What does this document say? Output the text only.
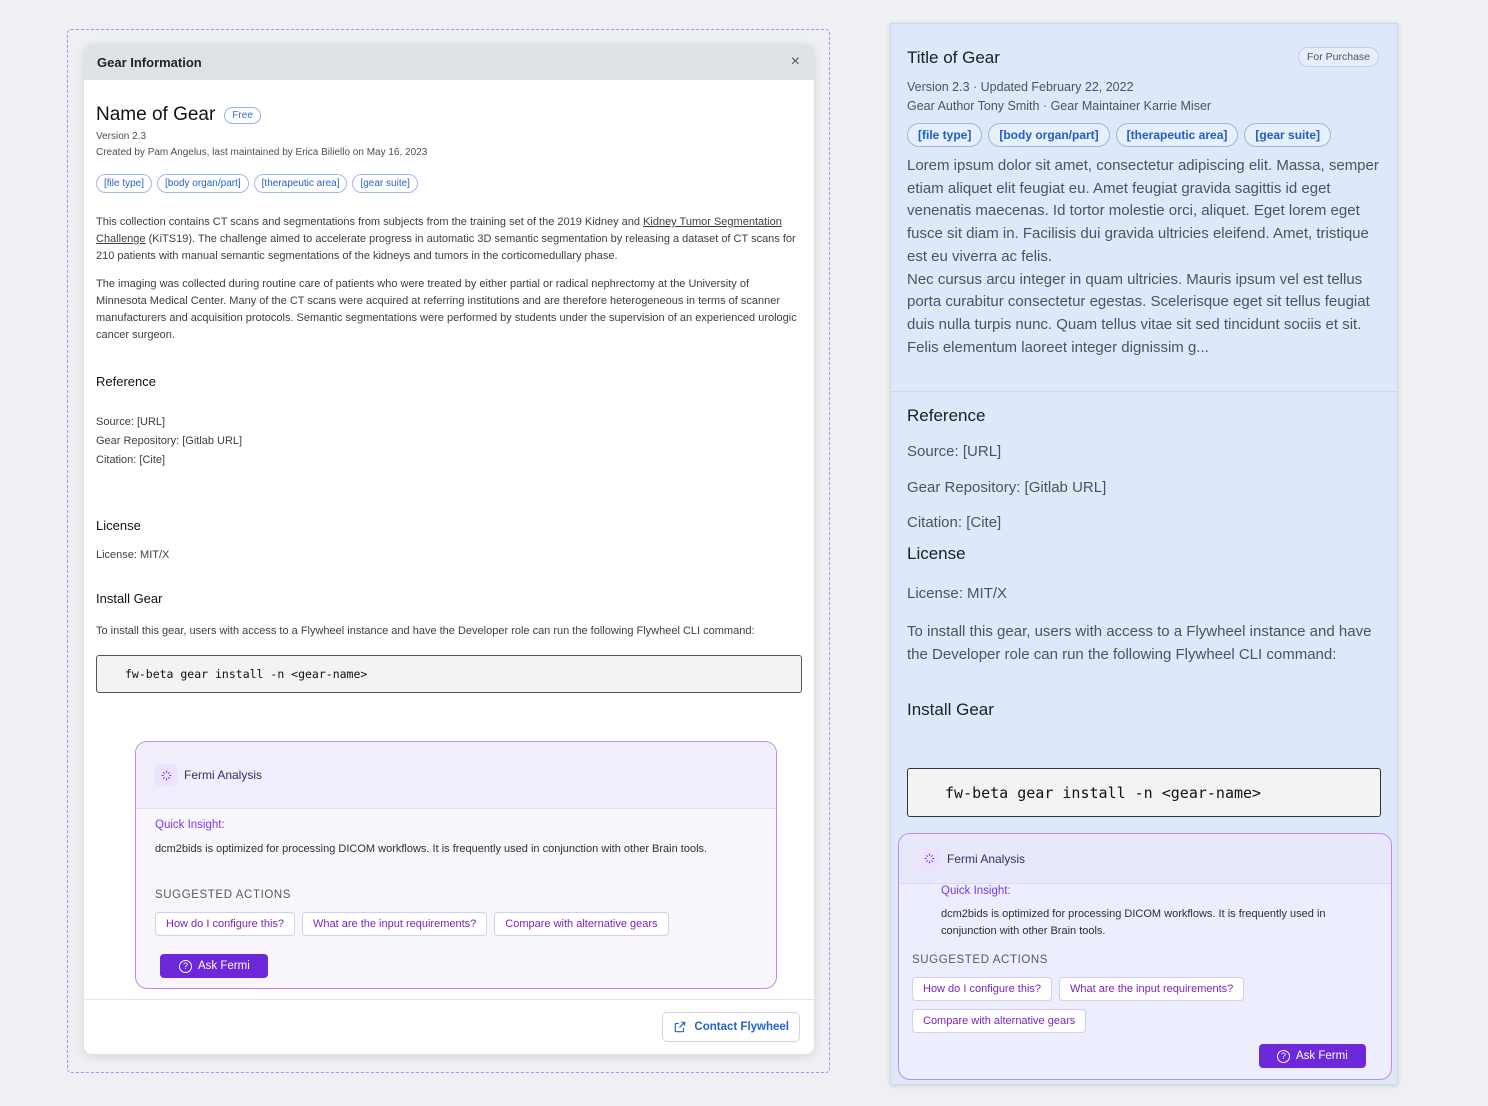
Gear Information	×
Name of Gear	Free
Version 2.3
Created by Pam Angelus, last maintained by Erica Biliello on May 16, 2023
[file type]	[body organ/part]	[therapeutic area]	[gear suite]

This collection contains CT scans and segmentations from subjects from the training set of the 2019 Kidney and Kidney Tumor Segmentation Challenge (KiTS19). The challenge aimed to accelerate progress in automatic 3D semantic segmentation by releasing a dataset of CT scans for 210 patients with manual semantic segmentations of the kidneys and tumors in the corticomedullary phase.

The imaging was collected during routine care of patients who were treated by either partial or radical nephrectomy at the University of Minnesota Medical Center. Many of the CT scans were acquired at referring institutions and are therefore heterogeneous in terms of scanner manufacturers and acquisition protocols. Semantic segmentations were performed by students under the supervision of an experienced urologic cancer surgeon.

Reference
Source: [URL]
Gear Repository: [Gitlab URL]
Citation: [Cite]
License
License: MIT/X
Install Gear
To install this gear, users with access to a Flywheel instance and have the Developer role can run the following Flywheel CLI command:
fw-beta gear install -n <gear-name>
Fermi Analysis
Quick Insight:
dcm2bids is optimized for processing DICOM workflows. It is frequently used in conjunction with other Brain tools.
SUGGESTED ACTIONS
How do I configure this?	What are the input requirements?	Compare with alternative gears
? Ask Fermi
Contact Flywheel
Title of Gear	For Purchase
Version 2.3 · Updated February 22, 2022
Gear Author Tony Smith · Gear Maintainer Karrie Miser
[file type]	[body organ/part]	[therapeutic area]	[gear suite]
Lorem ipsum dolor sit amet, consectetur adipiscing elit. Massa, semper etiam aliquet elit feugiat eu. Amet feugiat gravida sagittis id eget venenatis maecenas. Id tortor molestie orci, aliquet. Eget lorem eget fusce sit diam in. Facilisis dui gravida ultricies eleifend. Amet, tristique est eu viverra ac felis.
Nec cursus arcu integer in quam ultricies. Mauris ipsum vel est tellus porta curabitur consectetur egestas. Scelerisque eget sit tellus feugiat duis nulla turpis nunc. Quam tellus vitae sit sed tincidunt sociis et sit. Felis elementum laoreet integer dignissim g...
Reference
Source: [URL]
Gear Repository: [Gitlab URL]
Citation: [Cite]
License
License: MIT/X
To install this gear, users with access to a Flywheel instance and have the Developer role can run the following Flywheel CLI command:
Install Gear
fw-beta gear install -n <gear-name>
Fermi Analysis
Quick Insight:
dcm2bids is optimized for processing DICOM workflows. It is frequently used in conjunction with other Brain tools.
SUGGESTED ACTIONS
How do I configure this?	What are the input requirements?
Compare with alternative gears
? Ask Fermi
